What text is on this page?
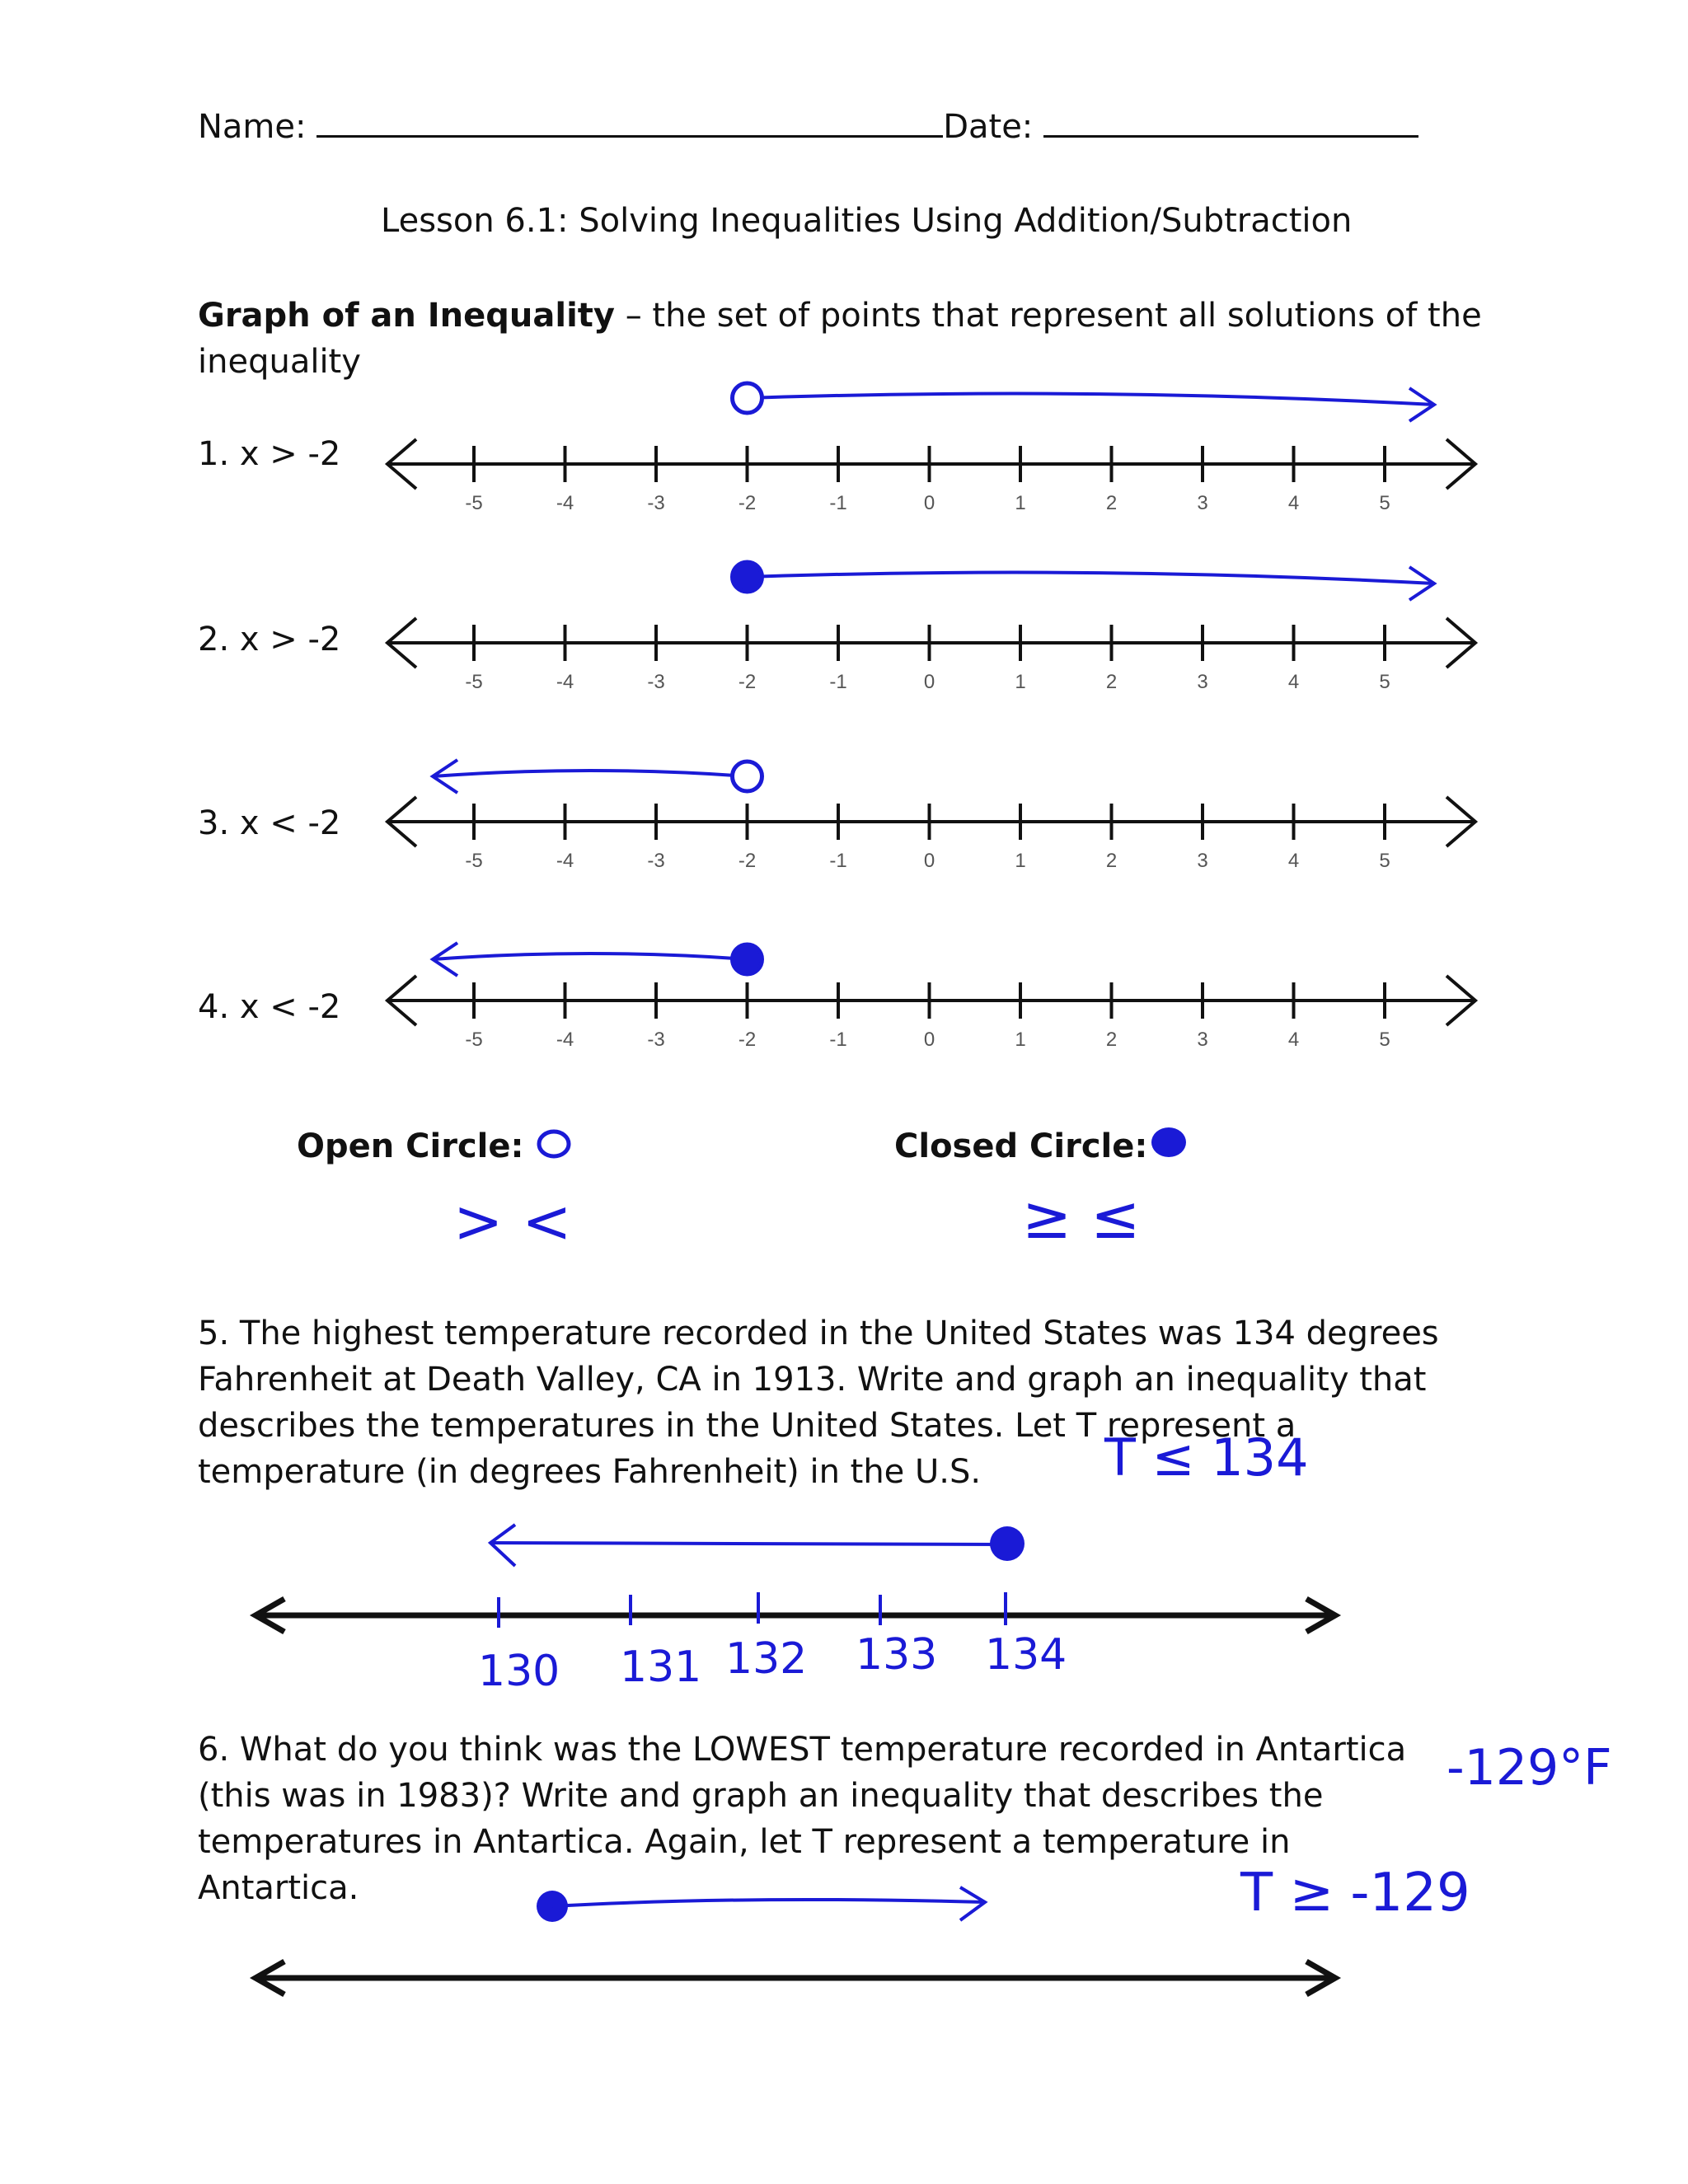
Name:	Date:
Lesson 6.1: Solving Inequalities Using Addition/Subtraction
Graph of an Inequality – the set of points that represent all solutions of the inequality
1. x > -2
2. x > -2
3. x < -2
4. x < -2
-5	-4	-3	-2	-1	0	1	2	3	4	5
-5	-4	-3	-2	-1	0	1	2	3	4	5
-5	-4	-3	-2	-1	0	1	2	3	4	5
-5	-4	-3	-2	-1	0	1	2	3	4	5
130 131 132 133 134
Open Circle:	Closed Circle:
> <	≥ ≤
5. The highest temperature recorded in the United States was 134 degrees Fahrenheit at Death Valley, CA in 1913. Write and graph an inequality that describes the temperatures in the United States. Let T represent a temperature (in degrees Fahrenheit) in the U.S.	T ≤ 134
6. What do you think was the LOWEST temperature recorded in Antartica (this was in 1983)? Write and graph an inequality that describes the temperatures in Antartica. Again, let T represent a temperature in Antartica.
-129°F
T ≥ -129
